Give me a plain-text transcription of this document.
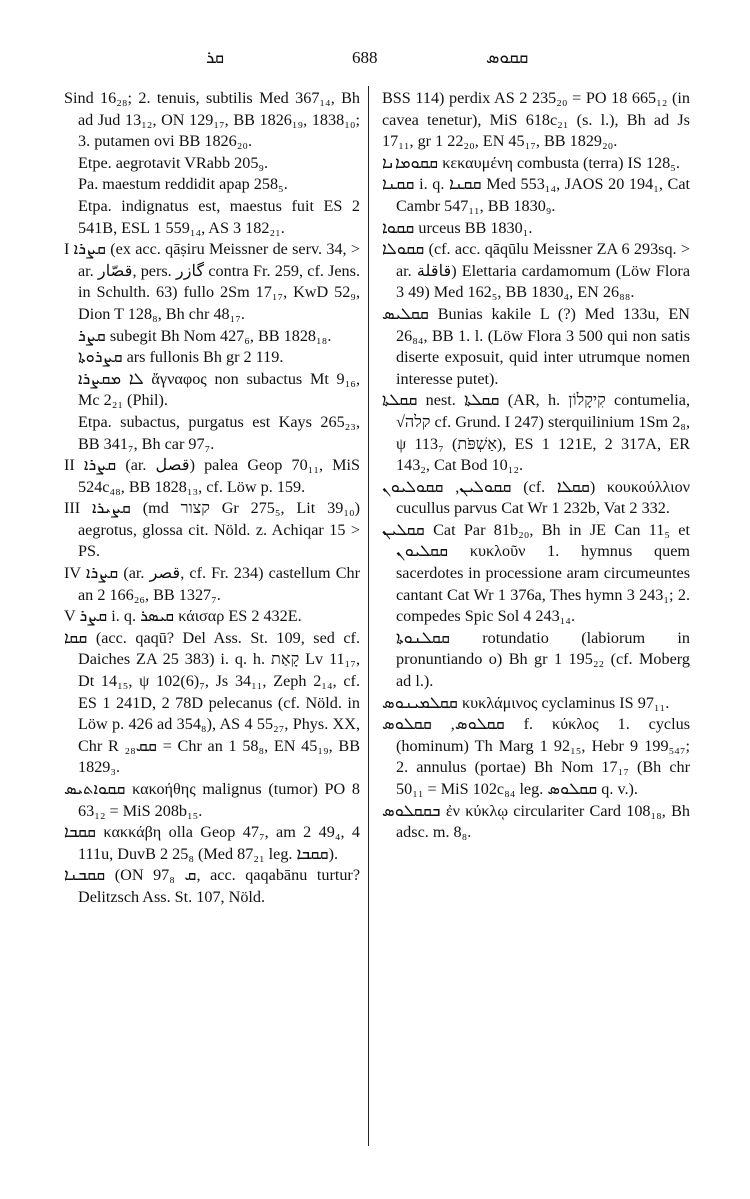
ܩܪ	688	ܩܩܘܣ
Sind 16₂₈; 2. tenuis, subtilis Med 367₁₄, Bh ad Jud 13₁₂, ON 129₁₇, BB 1826₁₉, 1838₁₀; 3. putamen ovi BB 1826₂₀.
Etpe. aegrotavit VRabb 205₉.
Pa. maestum reddidit apap 258₅.
Etpa. indignatus est, maestus fuit ES 2 541B, ESL 1 559₁₄, AS 3 182₂₁.
I ܩܨܪܐ (ex acc. qāṣiru Meissner de serv. 34, > ar. قصّار, pers. گازر contra Fr. 259, cf. Jens. in Schulth. 63) fullo 2Sm 17₁₇, KwD 52₉, Dion T 128₈, Bh chr 48₁₇.
ܩܨܪ subegit Bh Nom 427₆, BB 1828₁₈.
ܩܨܪܘܬܐ ars fullonis Bh gr 2 119.
ܠܐ ܡܩܨܪܐ ἄγναφος non subactus Mt 9₁₆, Mc 2₂₁ (Phil).
Etpa. subactus, purgatus est Kays 265₂₃, BB 341₇, Bh car 97₇.
II ܩܨܪܐ (ar. قصل) palea Geop 70₁₁, MiS 524c₄₈, BB 1828₁₃, cf. Löw p. 159.
III ܩܨܝܪܐ (md קצור Gr 275₅, Lit 39₁₀) aegrotus, glossa cit. Nöld. z. Achiqar 15 > PS.
IV ܩܨܪܐ (ar. قصر, cf. Fr. 234) castellum Chr an 2 166₂₆, BB 1327₇.
V ܩܨܪ i. q. ܩܝܣܪ κάισαρ ES 2 432E.
ܩܩܐ (acc. qaqū? Del Ass. St. 109, sed cf. Daiches ZA 25 383) i. q. h. קָאַת Lv 11₁₇, Dt 14₁₅, ψ 102(6)₇, Js 34₁₁, Zeph 2₁₄, cf. ES 1 241D, 2 78D pelecanus (cf. Nöld. in Löw p. 426 ad 354₈), AS 4 55₂₇, Phys. XX, Chr R ܩܩ₂₈ = Chr an 1 58₈, EN 45₁₉, BB 1829₃.
ܩܩܘܐܬܝܣ κακοήθης malignus (tumor) PO 8 63₁₂ = MiS 208b₁₅.
ܩܩܒܐ κακκάβη olla Geop 47₇, am 2 49₄, 4 111u, DuvB 2 25₈ (Med 87₂₁ leg. ܩܩܒܐ).
ܩܩܒܢܐ (ON 97₈ ܩ, acc. qaqabānu turtur? Delitzsch Ass. St. 107, Nöld.
BSS 114) perdix AS 2 235₂₀ = PO 18 665₁₂ (in cavea tenetur), MiS 618c₂₁ (s. l.), Bh ad Js 17₁₁, gr 1 22₂₀, EN 45₁₇, BB 1829₂₀.
ܩܩܘܡܐܢܐ κεκαυμένη combusta (terra) IS 128₅.
ܩܩܢܐ i. q. ܩܩܢܐ Med 553₁₄, JAOS 20 194₁, Cat Cambr 547₁₁, BB 1830₉.
ܩܩܘܐ urceus BB 1830₁.
ܩܩܘܠܐ (cf. acc. qāqūlu Meissner ZA 6 293sq. > ar. قاقلة) Elettaria cardamomum (Löw Flora 3 49) Med 162₅, BB 1830₄, EN 26₈₈.
ܩܩܠܝܣ Bunias kakile L (?) Med 133u, EN 26₈₄, BB 1. l. (Löw Flora 3 500 qui non satis diserte exposuit, quid inter utrumque nomen interesse putet).
ܩܩܠܬܐ nest. ܩܩܠܬܐ (AR, h. קִיקָלוֹן contumelia, √קלה cf. Grund. I 247) sterquilinium 1Sm 2₈, ψ 113₇ (אַשְׁפֹּת), ES 1 121E, 2 317A, ER 143₂, Cat Bod 10₁₂.
ܩܩܘܠܝܢ, ܩܩܘܠܝܘܢ (cf. ܩܩܠܐ) κουκούλλιον cucullus parvus Cat Wr 1 232b, Vat 2 332.
ܩܩܠܝܢ Cat Par 81b₂₀, Bh in JE Can 11₅ et ܩܩܠܝܘܢ κυκλοῦν 1. hymnus quem sacerdotes in processione aram circumeuntes cantant Cat Wr 1 376a, Thes hymn 3 243₁; 2. compedes Spic Sol 4 243₁₄.
ܩܩܠܢܘܬܐ rotundatio (labiorum in pronuntiando o) Bh gr 1 195₂₂ (cf. Moberg ad l.).
ܩܩܠܡܝܢܘܣ κυκλάμινος cyclaminus IS 97₁₁.
ܩܩܠܘܣ, ܩܩܠܘܣ f. κύκλος 1. cyclus (hominum) Th Marg 1 92₁₅, Hebr 9 199₅₄₇; 2. annulus (portae) Bh Nom 17₁₇ (Bh chr 50₁₁ = MiS 102c₈₄ leg. ܩܩܠܘܣ q. v.).
ܒܩܩܠܘܣ ἐν κύκλῳ circulariter Card 108₁₈, Bh adsc. m. 8₈.
